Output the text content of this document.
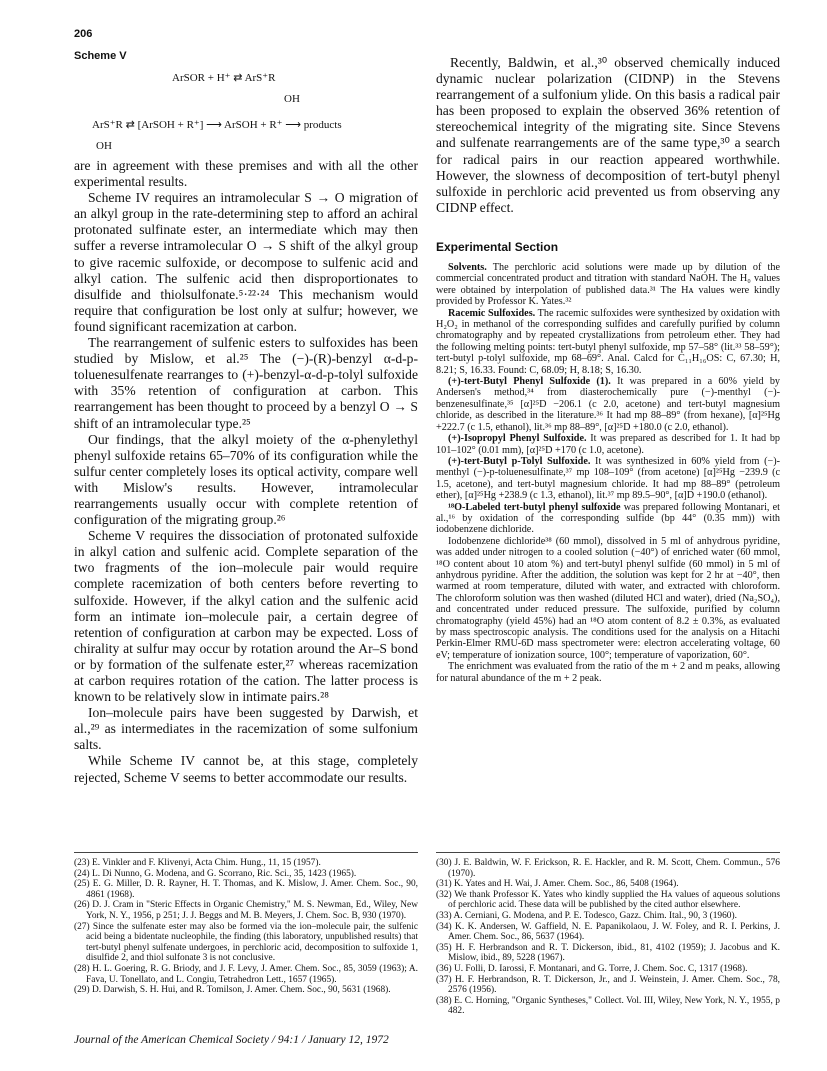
206
Scheme V
ArSOR + H⁺ ⇄ ArS⁺R
OH
ArS⁺R ⇄ [ArSOH + R⁺] ⟶ ArSOH + R⁺ ⟶ products
OH

are in agreement with these premises and with all the other experimental results.

Scheme IV requires an intramolecular S → O migration of an alkyl group in the rate-determining step to afford an achiral protonated sulfinate ester, an intermediate which may then suffer a reverse intramolecular O → S shift of the alkyl group to give racemic sulfoxide, or decompose to sulfenic acid and alkyl cation. The sulfenic acid then disproportionates to disulfide and thiolsulfonate.⁵·²²·²⁴ This mechanism would require that configuration be lost only at sulfur; however, we found significant racemization at carbon.

The rearrangement of sulfenic esters to sulfoxides has been studied by Mislow, et al.²⁵ The (−)-(R)-benzyl α-d-p-toluenesulfenate rearranges to (+)-benzyl-α-d-p-tolyl sulfoxide with 35% retention of configuration at carbon. This rearrangement has been thought to proceed by a benzyl O → S shift of an intramolecular type.²⁵

Our findings, that the alkyl moiety of the α-phenylethyl phenyl sulfoxide retains 65–70% of its configuration while the sulfur center completely loses its optical activity, compare well with Mislow's results. However, intramolecular rearrangements usually occur with complete retention of configuration of the migrating group.²⁶

Scheme V requires the dissociation of protonated sulfoxide in alkyl cation and sulfenic acid. Complete separation of the two fragments of the ion–molecule pair would require complete racemization of both centers before reverting to sulfoxide. However, if the alkyl cation and the sulfenic acid form an intimate ion–molecule pair, a certain degree of retention of configuration at carbon may be expected. Loss of chirality at sulfur may occur by rotation around the Ar–S bond or by formation of the sulfenate ester,²⁷ whereas racemization at carbon requires rotation of the cation. The latter process is known to be relatively slow in intimate pairs.²⁸

Ion–molecule pairs have been suggested by Darwish, et al.,²⁹ as intermediates in the racemization of some sulfonium salts.

While Scheme IV cannot be, at this stage, completely rejected, Scheme V seems to better accommodate our results.

Recently, Baldwin, et al.,³⁰ observed chemically induced dynamic nuclear polarization (CIDNP) in the Stevens rearrangement of a sulfonium ylide. On this basis a radical pair has been proposed to explain the observed 36% retention of stereochemical integrity of the migrating site. Since Stevens and sulfenate rearrangements are of the same type,³⁰ a search for radical pairs in our reaction appeared worthwhile. However, the slowness of decomposition of tert-butyl phenyl sulfoxide in perchloric acid prevented us from observing any CIDNP effect.

Experimental Section

Solvents. The perchloric acid solutions were made up by dilution of the commercial concentrated product and titration with standard NaOH. The H₀ values were obtained by interpolation of published data.³¹ The Hᴀ values were kindly provided by Professor K. Yates.³²

Racemic Sulfoxides. The racemic sulfoxides were synthesized by oxidation with H₂O₂ in methanol of the corresponding sulfides and carefully purified by column chromatography and by repeated crystallizations from petroleum ether. They had the following melting points: tert-butyl phenyl sulfoxide, mp 57–58° (lit.³³ 58–59°); tert-butyl p-tolyl sulfoxide, mp 68–69°. Anal. Calcd for C₁₁H₁₆OS: C, 67.30; H, 8.21; S, 16.33. Found: C, 68.09; H, 8.18; S, 16.30.

(+)-tert-Butyl Phenyl Sulfoxide (1). It was prepared in a 60% yield by Andersen's method,³⁴ from diasterochemically pure (−)-menthyl (−)-benzenesulfinate,³⁵ [α]²⁵D −206.1 (c 2.0, acetone) and tert-butyl magnesium chloride, as described in the literature.³⁶ It had mp 88–89° (from hexane), [α]²⁵Hg +222.7 (c 1.5, ethanol), lit.³⁶ mp 88–89°, [α]²⁵D +180.0 (c 2.0, ethanol).

(+)-Isopropyl Phenyl Sulfoxide. It was prepared as described for 1. It had bp 101–102° (0.01 mm), [α]²⁵D +170 (c 1.0, acetone).

(+)-tert-Butyl p-Tolyl Sulfoxide. It was synthesized in 60% yield from (−)-menthyl (−)-p-toluenesulfinate,³⁷ mp 108–109° (from acetone) [α]²⁵Hg −239.9 (c 1.5, acetone), and tert-butyl magnesium chloride. It had mp 88–89° (petroleum ether), [α]²⁵Hg +238.9 (c 1.3, ethanol), lit.³⁷ mp 89.5–90°, [α]D +190.0 (ethanol).

¹⁸O-Labeled tert-butyl phenyl sulfoxide was prepared following Montanari, et al.,¹⁶ by oxidation of the corresponding sulfide (bp 44° (0.35 mm)) with iodobenzene dichloride.

Iodobenzene dichloride³⁸ (60 mmol), dissolved in 5 ml of anhydrous pyridine, was added under nitrogen to a cooled solution (−40°) of enriched water (60 mmol, ¹⁸O content about 10 atom %) and tert-butyl phenyl sulfide (60 mmol) in 5 ml of anhydrous pyridine. After the addition, the solution was kept for 2 hr at −40°, then warmed at room temperature, diluted with water, and extracted with chloroform. The chloroform solution was then washed (diluted HCl and water), dried (Na₂SO₄), and concentrated under reduced pressure. The sulfoxide, purified by column chromatography (yield 45%) had an ¹⁸O atom content of 8.2 ± 0.3%, as evaluated by mass spectroscopic analysis. The conditions used for the analysis on a Hitachi Perkin-Elmer RMU-6D mass spectrometer were: electron accelerating voltage, 60 eV; temperature of ionization source, 100°; temperature of vaporization, 60°.

The enrichment was evaluated from the ratio of the m + 2 and m peaks, allowing for natural abundance of the m + 2 peak.

(23) E. Vinkler and F. Klivenyi, Acta Chim. Hung., 11, 15 (1957).
(24) L. Di Nunno, G. Modena, and G. Scorrano, Ric. Sci., 35, 1423 (1965).
(25) E. G. Miller, D. R. Rayner, H. T. Thomas, and K. Mislow, J. Amer. Chem. Soc., 90, 4861 (1968).
(26) D. J. Cram in "Steric Effects in Organic Chemistry," M. S. Newman, Ed., Wiley, New York, N. Y., 1956, p 251; J. J. Beggs and M. B. Meyers, J. Chem. Soc. B, 930 (1970).
(27) Since the sulfenate ester may also be formed via the ion–molecule pair, the sulfenic acid being a bidentate nucleophile, the finding (this laboratory, unpublished results) that tert-butyl phenyl sulfenate undergoes, in perchloric acid, decomposition to sulfoxide 1, disulfide 2, and thiol sulfonate 3 is not conclusive.
(28) H. L. Goering, R. G. Briody, and J. F. Levy, J. Amer. Chem. Soc., 85, 3059 (1963); A. Fava, U. Tonellato, and L. Congiu, Tetrahedron Lett., 1657 (1965).
(29) D. Darwish, S. H. Hui, and R. Tomilson, J. Amer. Chem. Soc., 90, 5631 (1968).
(30) J. E. Baldwin, W. F. Erickson, R. E. Hackler, and R. M. Scott, Chem. Commun., 576 (1970).
(31) K. Yates and H. Wai, J. Amer. Chem. Soc., 86, 5408 (1964).
(32) We thank Professor K. Yates who kindly supplied the Hᴀ values of aqueous solutions of perchloric acid. These data will be published by the cited author elsewhere.
(33) A. Cerniani, G. Modena, and P. E. Todesco, Gazz. Chim. Ital., 90, 3 (1960).
(34) K. K. Andersen, W. Gaffield, N. E. Papanikolaou, J. W. Foley, and R. I. Perkins, J. Amer. Chem. Soc., 86, 5637 (1964).
(35) H. F. Herbrandson and R. T. Dickerson, ibid., 81, 4102 (1959); J. Jacobus and K. Mislow, ibid., 89, 5228 (1967).
(36) U. Folli, D. Iarossi, F. Montanari, and G. Torre, J. Chem. Soc. C, 1317 (1968).
(37) H. F. Herbrandson, R. T. Dickerson, Jr., and J. Weinstein, J. Amer. Chem. Soc., 78, 2576 (1956).
(38) E. C. Horning, "Organic Syntheses," Collect. Vol. III, Wiley, New York, N. Y., 1955, p 482.
Journal of the American Chemical Society / 94:1 / January 12, 1972
